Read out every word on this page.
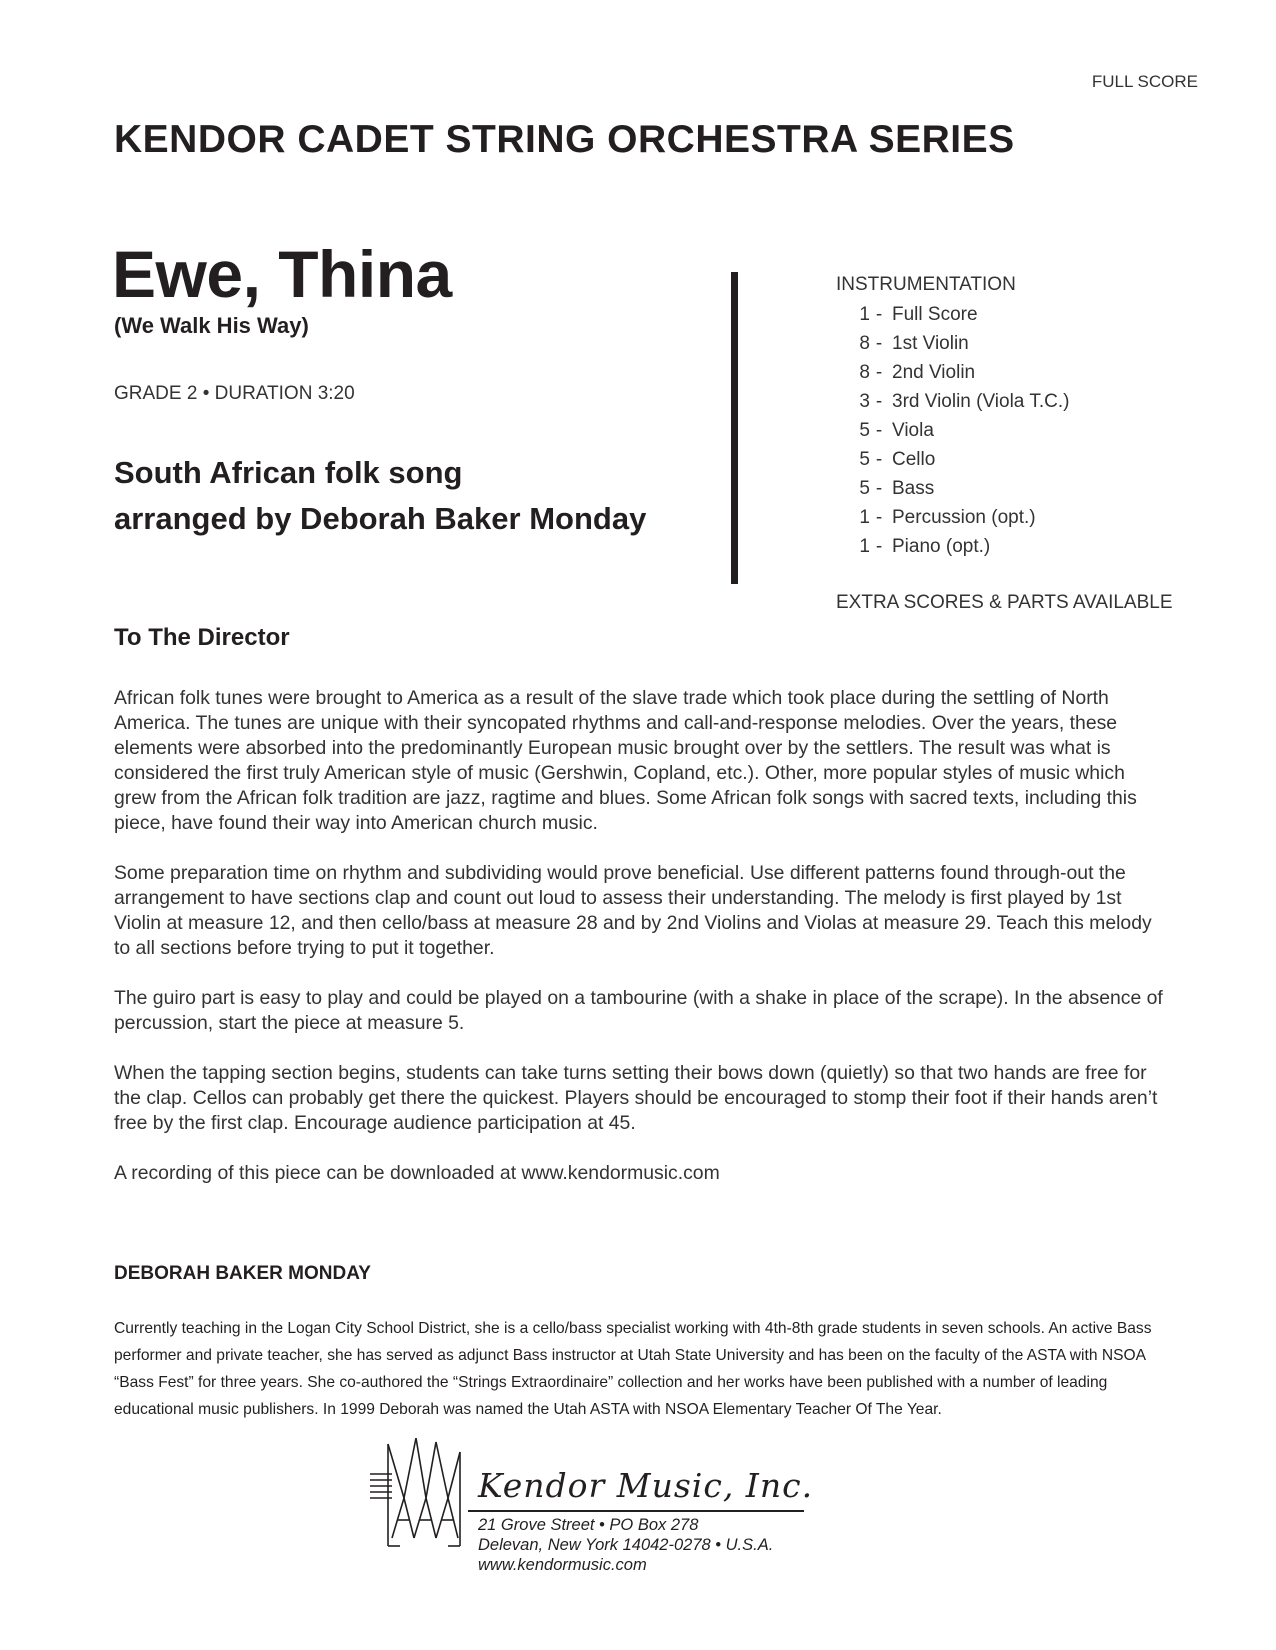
FULL SCORE
KENDOR CADET STRING ORCHESTRA SERIES
Ewe, Thina
(We Walk His Way)
GRADE 2 • DURATION 3:20
South African folk song
arranged by Deborah Baker Monday
INSTRUMENTATION
1 - Full Score
8 - 1st Violin
8 - 2nd Violin
3 - 3rd Violin (Viola T.C.)
5 - Viola
5 - Cello
5 - Bass
1 - Percussion (opt.)
1 - Piano (opt.)
EXTRA SCORES & PARTS AVAILABLE
To The Director

African folk tunes were brought to America as a result of the slave trade which took place during the settling of North America. The tunes are unique with their syncopated rhythms and call-and-response melodies. Over the years, these elements were absorbed into the predominantly European music brought over by the settlers. The result was what is considered the first truly American style of music (Gershwin, Copland, etc.). Other, more popular styles of music which grew from the African folk tradition are jazz, ragtime and blues. Some African folk songs with sacred texts, including this piece, have found their way into American church music.

Some preparation time on rhythm and subdividing would prove beneficial. Use different patterns found through-out the arrangement to have sections clap and count out loud to assess their understanding. The melody is first played by 1st Violin at measure 12, and then cello/bass at measure 28 and by 2nd Violins and Violas at measure 29. Teach this melody to all sections before trying to put it together.

The guiro part is easy to play and could be played on a tambourine (with a shake in place of the scrape). In the absence of percussion, start the piece at measure 5.

When the tapping section begins, students can take turns setting their bows down (quietly) so that two hands are free for the clap. Cellos can probably get there the quickest. Players should be encouraged to stomp their foot if their hands aren’t free by the first clap. Encourage audience participation at 45.

A recording of this piece can be downloaded at www.kendormusic.com

DEBORAH BAKER MONDAY
Currently teaching in the Logan City School District, she is a cello/bass specialist working with 4th-8th grade students in seven schools. An active Bass performer and private teacher, she has served as adjunct Bass instructor at Utah State University and has been on the faculty of the ASTA with NSOA “Bass Fest” for three years. She co-authored the “Strings Extraordinaire” collection and her works have been published with a number of leading educational music publishers. In 1999 Deborah was named the Utah ASTA with NSOA Elementary Teacher Of The Year.
Kendor Music, Inc.
21 Grove Street • PO Box 278
Delevan, New York 14042-0278 • U.S.A.
www.kendormusic.com
